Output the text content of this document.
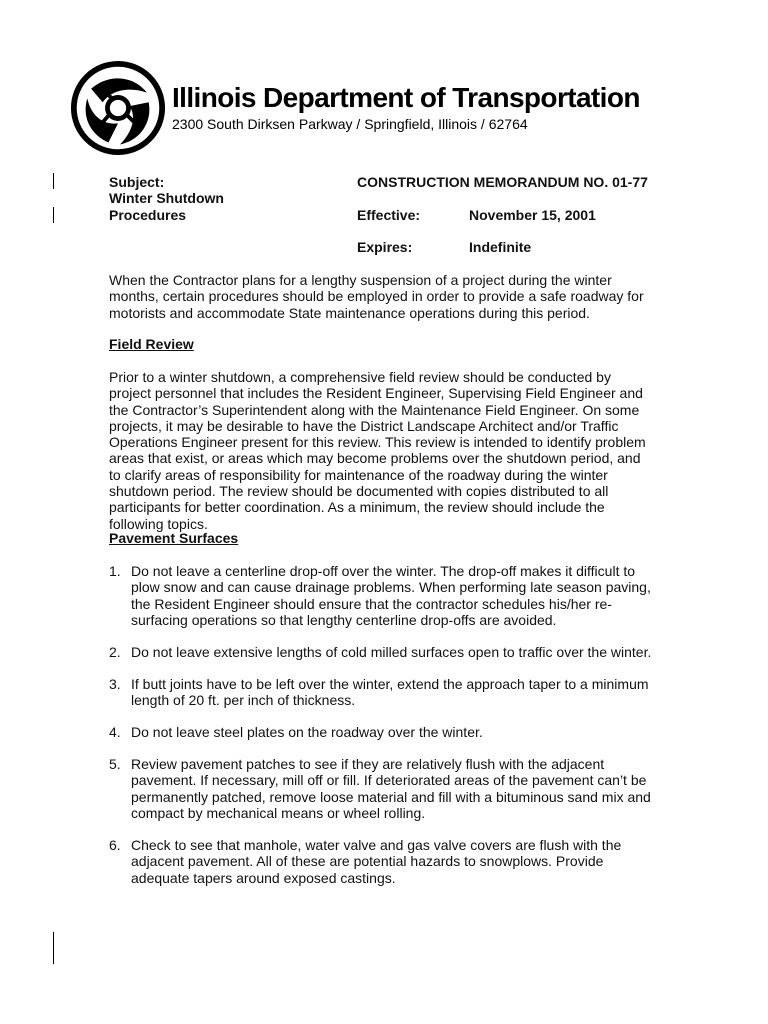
Illinois Department of Transportation
2300 South Dirksen Parkway / Springfield, Illinois / 62764
Subject:
Winter Shutdown
Procedures
CONSTRUCTION MEMORANDUM NO. 01-77
Effective:	November 15, 2001
Expires:	Indefinite

When the Contractor plans for a lengthy suspension of a project during the winter months, certain procedures should be employed in order to provide a safe roadway for motorists and accommodate State maintenance operations during this period.

Field Review

Prior to a winter shutdown, a comprehensive field review should be conducted by project personnel that includes the Resident Engineer, Supervising Field Engineer and the Contractor’s Superintendent along with the Maintenance Field Engineer. On some projects, it may be desirable to have the District Landscape Architect and/or Traffic Operations Engineer present for this review. This review is intended to identify problem areas that exist, or areas which may become problems over the shutdown period, and to clarify areas of responsibility for maintenance of the roadway during the winter shutdown period. The review should be documented with copies distributed to all participants for better coordination. As a minimum, the review should include the following topics.

Pavement Surfaces
1. Do not leave a centerline drop-off over the winter. The drop-off makes it difficult to plow snow and can cause drainage problems. When performing late season paving, the Resident Engineer should ensure that the contractor schedules his/her re-surfacing operations so that lengthy centerline drop-offs are avoided.
2. Do not leave extensive lengths of cold milled surfaces open to traffic over the winter.
3. If butt joints have to be left over the winter, extend the approach taper to a minimum length of 20 ft. per inch of thickness.
4. Do not leave steel plates on the roadway over the winter.
5. Review pavement patches to see if they are relatively flush with the adjacent pavement. If necessary, mill off or fill. If deteriorated areas of the pavement can’t be permanently patched, remove loose material and fill with a bituminous sand mix and compact by mechanical means or wheel rolling.
6. Check to see that manhole, water valve and gas valve covers are flush with the adjacent pavement. All of these are potential hazards to snowplows. Provide adequate tapers around exposed castings.
